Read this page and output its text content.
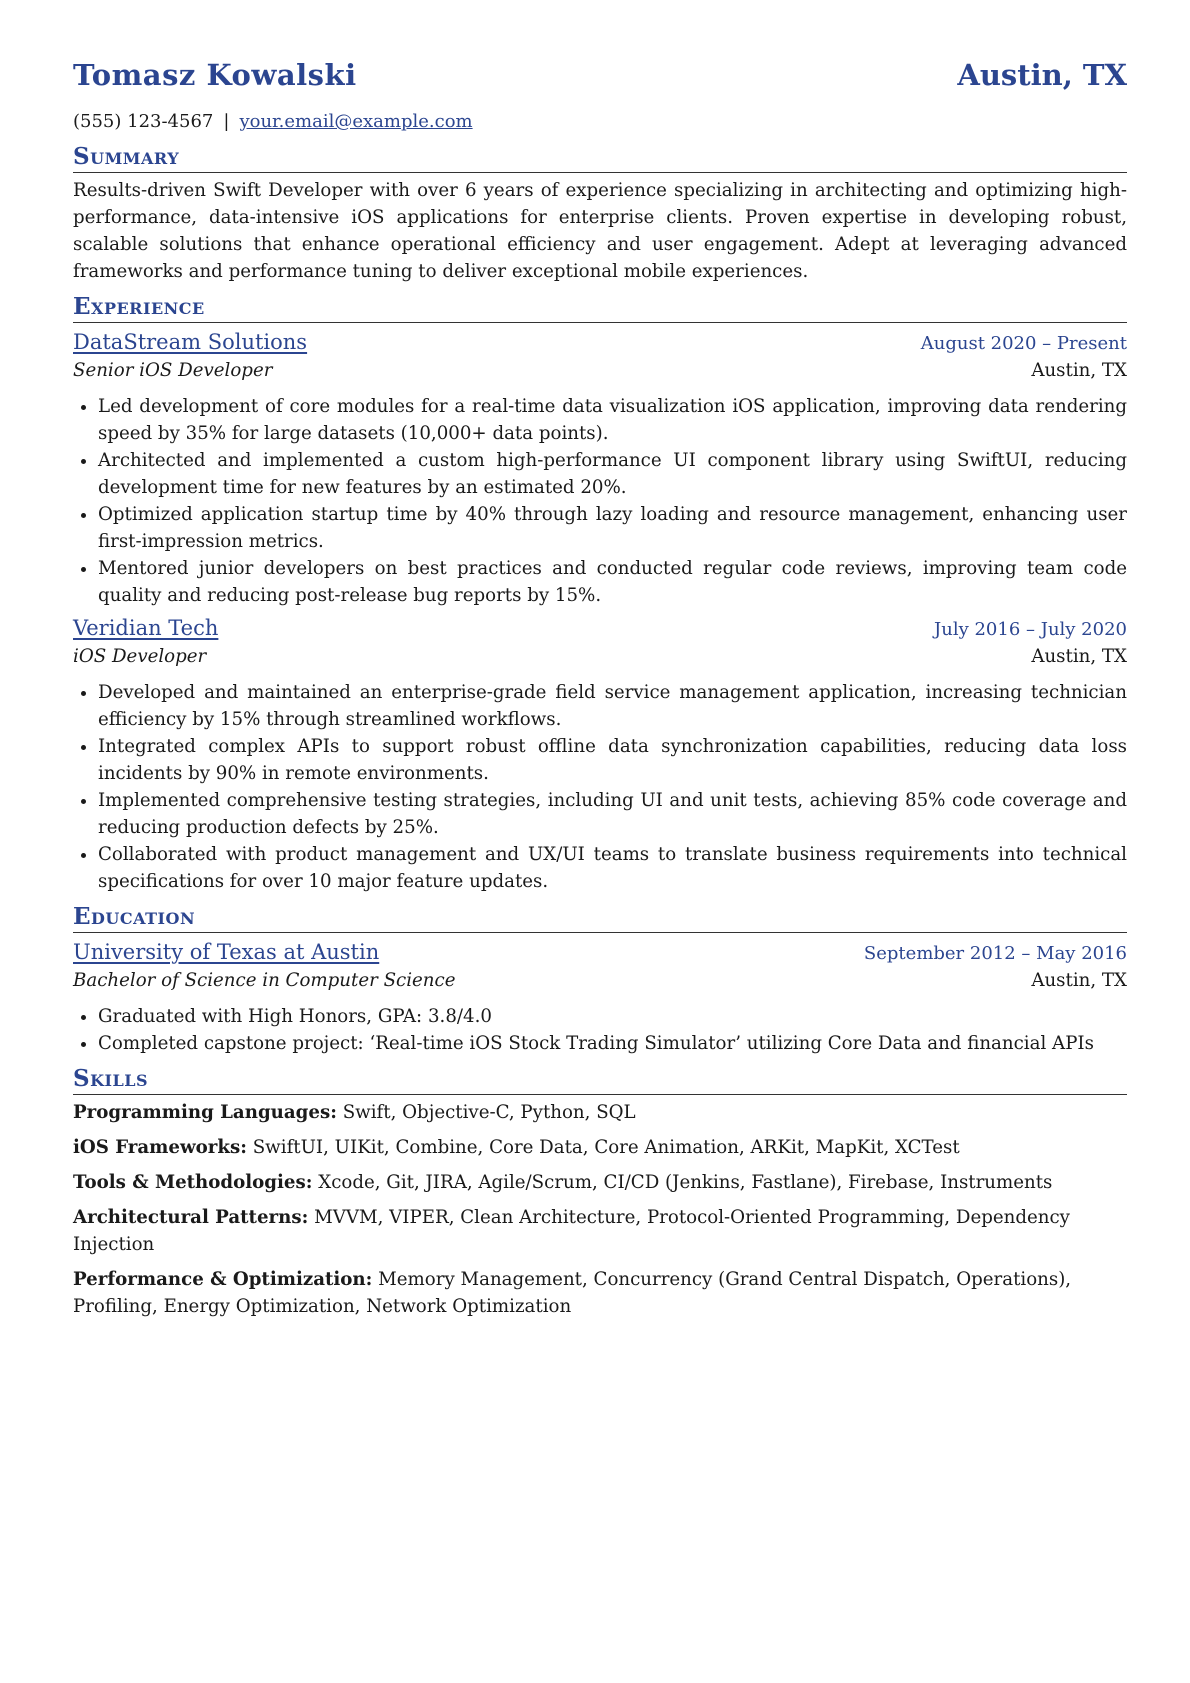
Tomasz Kowalski	Austin, TX
(555) 123-4567 | your.email@example.com
Summary
Results-driven Swift Developer with over 6 years of experience specializing in architecting and optimizing high-performance, data-intensive iOS applications for enterprise clients. Proven expertise in developing robust, scalable solutions that enhance operational efficiency and user engagement. Adept at leveraging advanced frameworks and performance tuning to deliver exceptional mobile experiences.
Experience
DataStream Solutions	August 2020 – Present
Senior iOS Developer	Austin, TX
• Led development of core modules for a real-time data visualization iOS application, improving data rendering speed by 35% for large datasets (10,000+ data points).
• Architected and implemented a custom high-performance UI component library using SwiftUI, reducing development time for new features by an estimated 20%.
• Optimized application startup time by 40% through lazy loading and resource management, enhancing user first-impression metrics.
• Mentored junior developers on best practices and conducted regular code reviews, improving team code quality and reducing post-release bug reports by 15%.
Veridian Tech	July 2016 – July 2020
iOS Developer	Austin, TX
• Developed and maintained an enterprise-grade field service management application, increasing technician efficiency by 15% through streamlined workflows.
• Integrated complex APIs to support robust offline data synchronization capabilities, reducing data loss incidents by 90% in remote environments.
• Implemented comprehensive testing strategies, including UI and unit tests, achieving 85% code coverage and reducing production defects by 25%.
• Collaborated with product management and UX/UI teams to translate business requirements into technical specifications for over 10 major feature updates.
Education
University of Texas at Austin	September 2012 – May 2016
Bachelor of Science in Computer Science	Austin, TX
• Graduated with High Honors, GPA: 3.8/4.0
• Completed capstone project: ‘Real-time iOS Stock Trading Simulator’ utilizing Core Data and financial APIs
Skills
Programming Languages: Swift, Objective-C, Python, SQL
iOS Frameworks: SwiftUI, UIKit, Combine, Core Data, Core Animation, ARKit, MapKit, XCTest
Tools & Methodologies: Xcode, Git, JIRA, Agile/Scrum, CI/CD (Jenkins, Fastlane), Firebase, Instruments
Architectural Patterns: MVVM, VIPER, Clean Architecture, Protocol-Oriented Programming, Dependency Injection
Performance & Optimization: Memory Management, Concurrency (Grand Central Dispatch, Operations), Profiling, Energy Optimization, Network Optimization
